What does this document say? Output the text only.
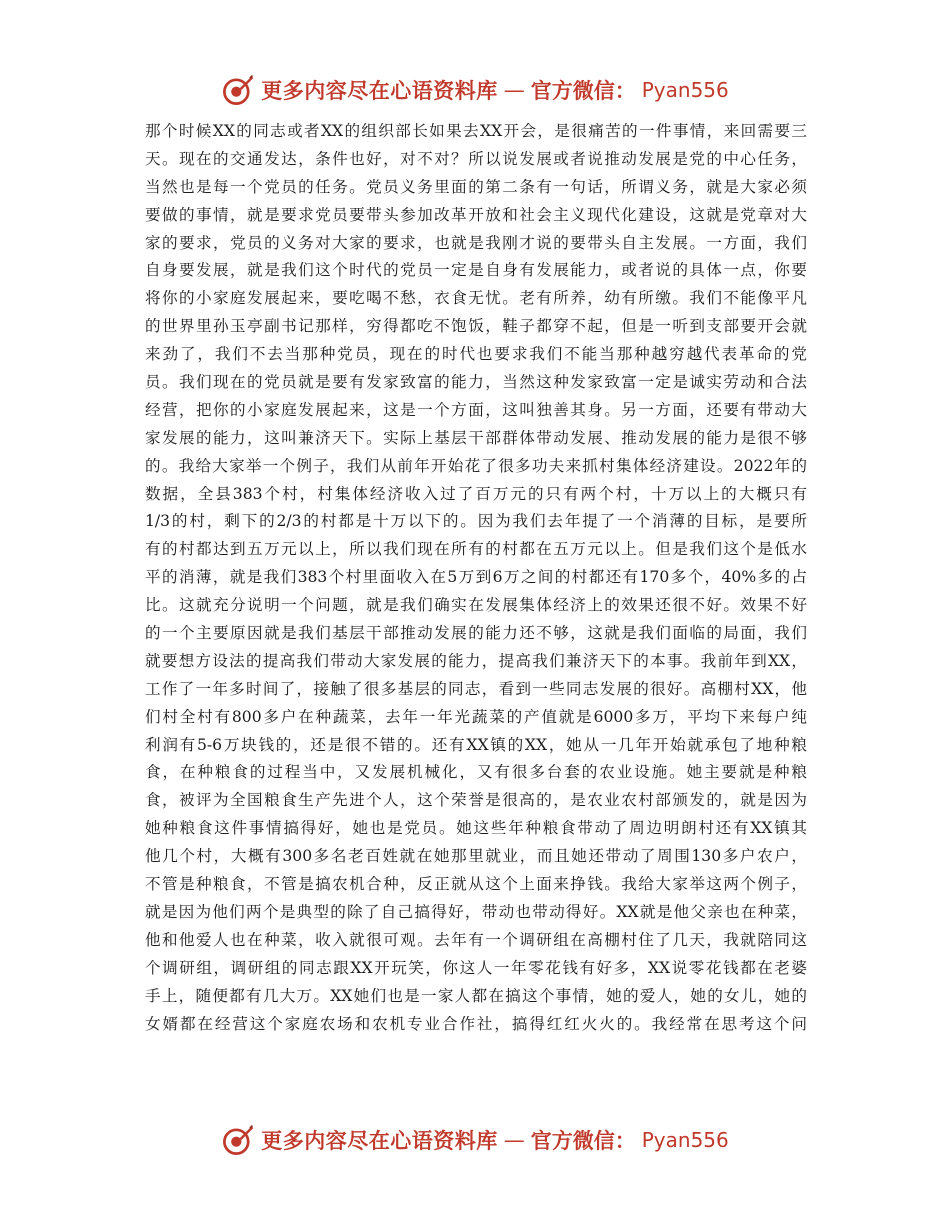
更多内容尽在心语资料库 — 官方微信： Pyan556
那个时候XX的同志或者XX的组织部长如果去XX开会，是很痛苦的一件事情，来回需要三
天。现在的交通发达，条件也好，对不对？所以说发展或者说推动发展是党的中心任务，
当然也是每一个党员的任务。党员义务里面的第二条有一句话，所谓义务，就是大家必须
要做的事情，就是要求党员要带头参加改革开放和社会主义现代化建设，这就是党章对大
家的要求，党员的义务对大家的要求，也就是我刚才说的要带头自主发展。一方面，我们
自身要发展，就是我们这个时代的党员一定是自身有发展能力，或者说的具体一点，你要
将你的小家庭发展起来，要吃喝不愁，衣食无忧。老有所养，幼有所缴。我们不能像平凡
的世界里孙玉亭副书记那样，穷得都吃不饱饭，鞋子都穿不起，但是一听到支部要开会就
来劲了，我们不去当那种党员，现在的时代也要求我们不能当那种越穷越代表革命的党
员。我们现在的党员就是要有发家致富的能力，当然这种发家致富一定是诚实劳动和合法
经营，把你的小家庭发展起来，这是一个方面，这叫独善其身。另一方面，还要有带动大
家发展的能力，这叫兼济天下。实际上基层干部群体带动发展、推动发展的能力是很不够
的。我给大家举一个例子，我们从前年开始花了很多功夫来抓村集体经济建设。2022年的
数据，全县383个村，村集体经济收入过了百万元的只有两个村，十万以上的大概只有
1/3的村，剩下的2/3的村都是十万以下的。因为我们去年提了一个消薄的目标，是要所
有的村都达到五万元以上，所以我们现在所有的村都在五万元以上。但是我们这个是低水
平的消薄，就是我们383个村里面收入在5万到6万之间的村都还有170多个，40%多的占
比。这就充分说明一个问题，就是我们确实在发展集体经济上的效果还很不好。效果不好
的一个主要原因就是我们基层干部推动发展的能力还不够，这就是我们面临的局面，我们
就要想方设法的提高我们带动大家发展的能力，提高我们兼济天下的本事。我前年到XX，
工作了一年多时间了，接触了很多基层的同志，看到一些同志发展的很好。高棚村XX，他
们村全村有800多户在种蔬菜，去年一年光蔬菜的产值就是6000多万，平均下来每户纯
利润有5-6万块钱的，还是很不错的。还有XX镇的XX，她从一几年开始就承包了地种粮
食，在种粮食的过程当中，又发展机械化，又有很多台套的农业设施。她主要就是种粮
食，被评为全国粮食生产先进个人，这个荣誉是很高的，是农业农村部颁发的，就是因为
她种粮食这件事情搞得好，她也是党员。她这些年种粮食带动了周边明朗村还有XX镇其
他几个村，大概有300多名老百姓就在她那里就业，而且她还带动了周围130多户农户，
不管是种粮食，不管是搞农机合种，反正就从这个上面来挣钱。我给大家举这两个例子，
就是因为他们两个是典型的除了自己搞得好，带动也带动得好。XX就是他父亲也在种菜，
他和他爱人也在种菜，收入就很可观。去年有一个调研组在高棚村住了几天，我就陪同这
个调研组，调研组的同志跟XX开玩笑，你这人一年零花钱有好多，XX说零花钱都在老婆
手上，随便都有几大万。XX她们也是一家人都在搞这个事情，她的爱人，她的女儿，她的
女婿都在经营这个家庭农场和农机专业合作社，搞得红红火火的。我经常在思考这个问
更多内容尽在心语资料库 — 官方微信： Pyan556
